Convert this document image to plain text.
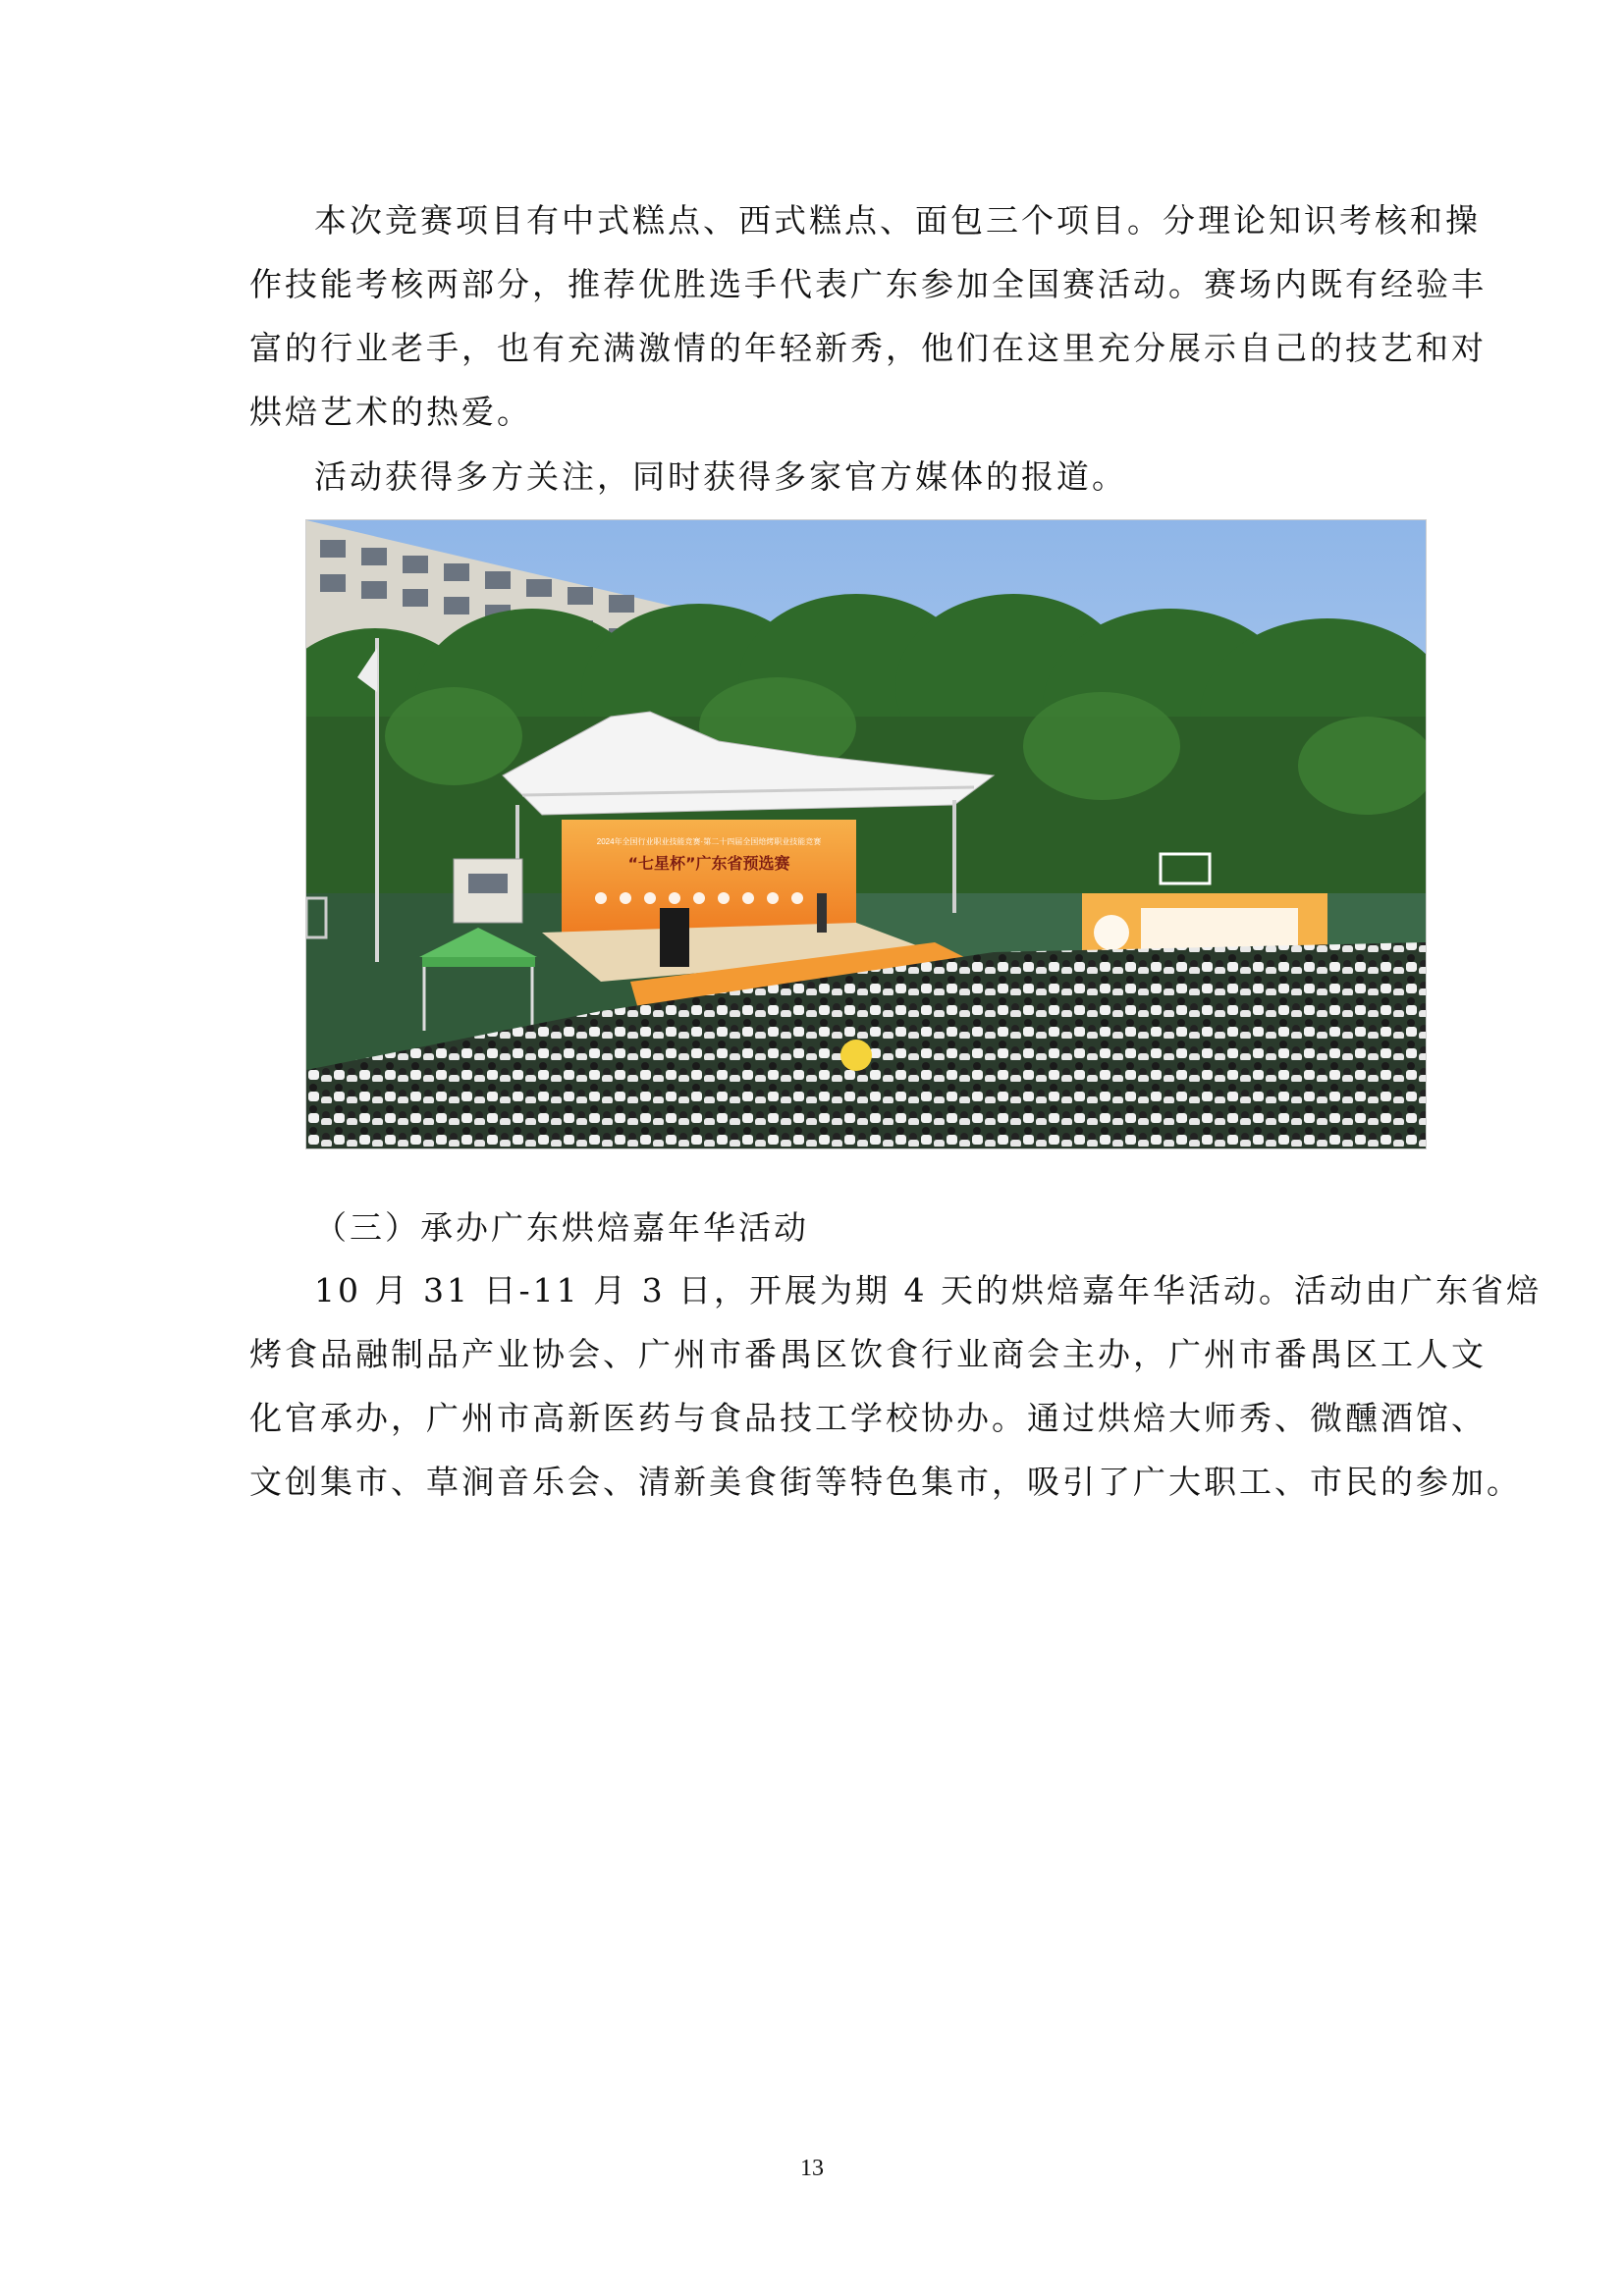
本次竞赛项目有中式糕点、西式糕点、面包三个项目。分理论知识考核和操
作技能考核两部分，推荐优胜选手代表广东参加全国赛活动。赛场内既有经验丰
富的行业老手，也有充满激情的年轻新秀，他们在这里充分展示自己的技艺和对
烘焙艺术的热爱。

活动获得多方关注，同时获得多家官方媒体的报道。

2024年全国行业职业技能竞赛·第二十四届全国焙烤职业技能竞赛
“七星杯”广东省预选赛

（三）承办广东烘焙嘉年华活动

10 月 31 日-11 月 3 日，开展为期 4 天的烘焙嘉年华活动。活动由广东省焙
烤食品融制品产业协会、广州市番禺区饮食行业商会主办，广州市番禺区工人文
化官承办，广州市高新医药与食品技工学校协办。通过烘焙大师秀、微醺酒馆、
文创集市、草涧音乐会、清新美食街等特色集市，吸引了广大职工、市民的参加。

13
